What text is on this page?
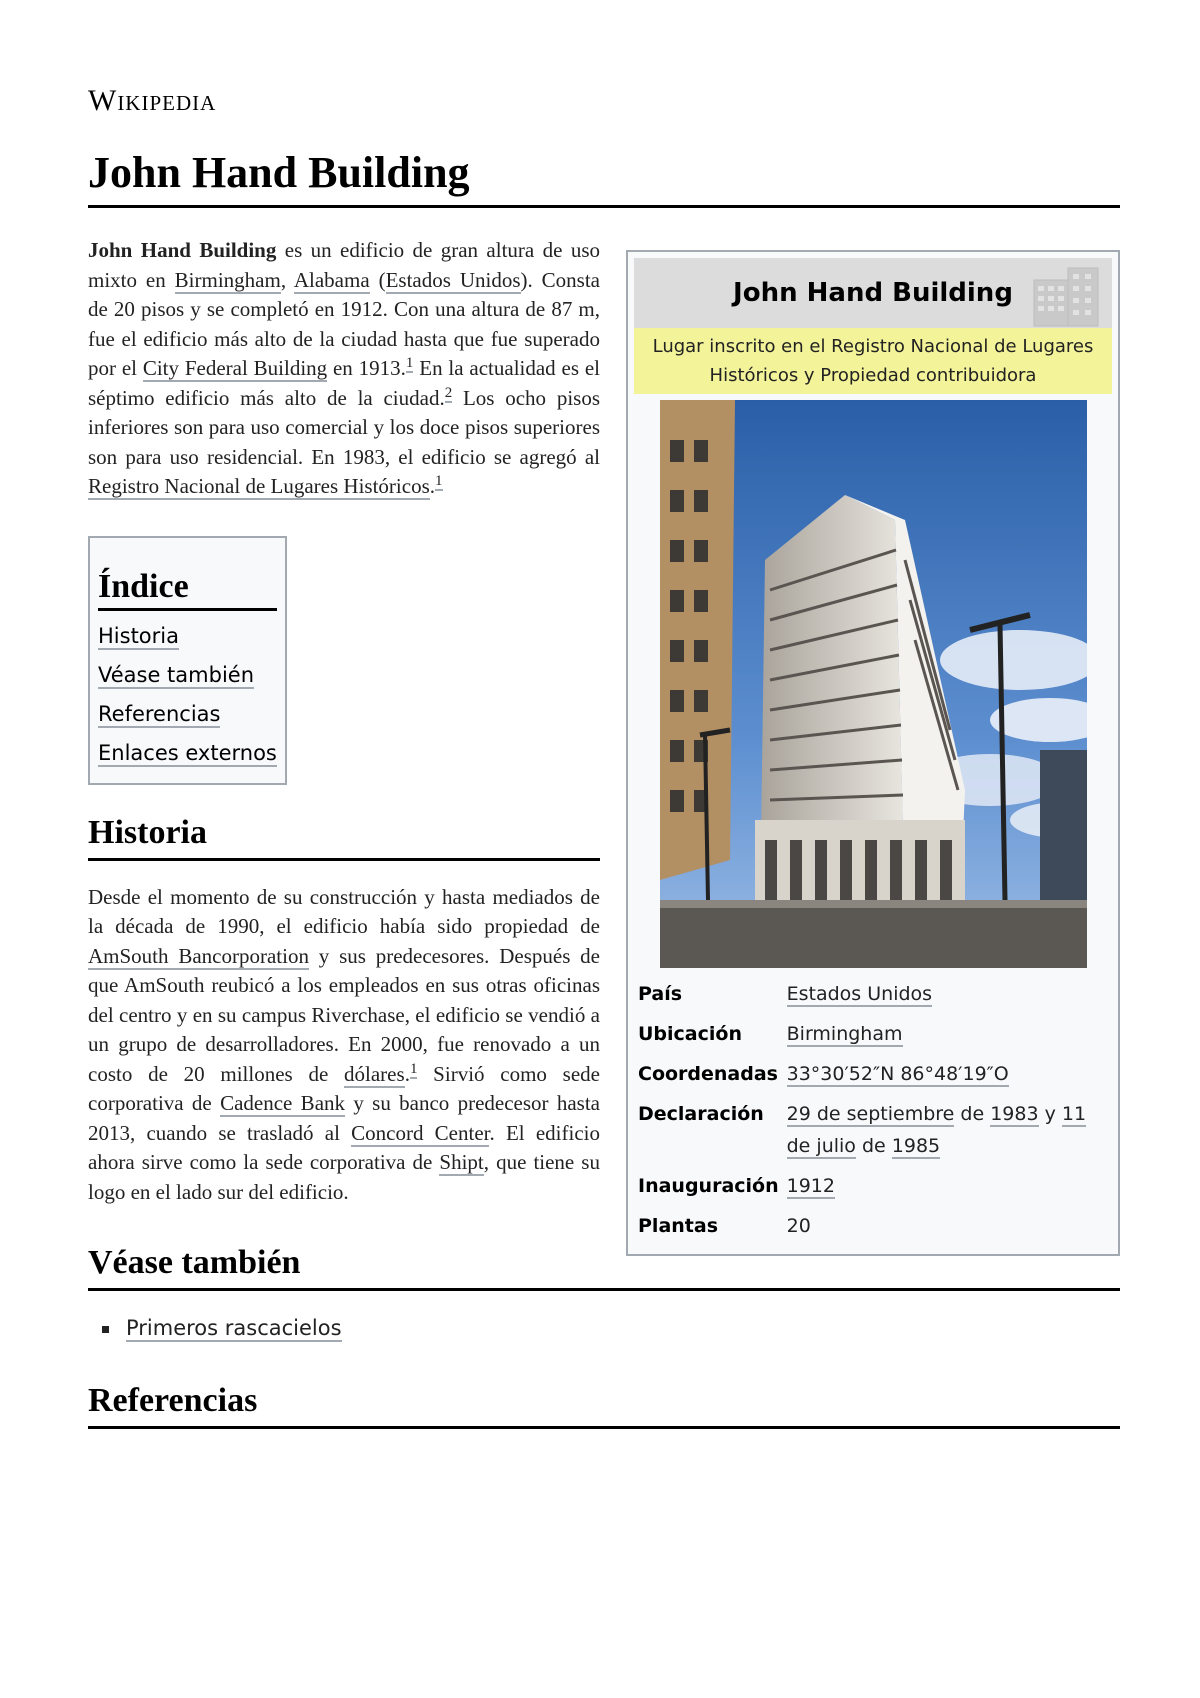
Wikipedia
John Hand Building
John Hand Building
Lugar inscrito en el Registro Nacional de Lugares Históricos y Propiedad contribuidora
País	Estados Unidos
Ubicación	Birmingham
Coordenadas	33°30′52″N 86°48′19″O
Declaración	29 de septiembre de 1983 y 11 de julio de 1985
Inauguración	1912
Plantas	20

John Hand Building es un edificio de gran altura de uso mixto en Birmingham, Alabama (Estados Unidos). Consta de 20 pisos y se completó en 1912. Con una altura de 87 m, fue el edificio más alto de la ciudad hasta que fue superado por el City Federal Building en 1913.$^1$ En la actualidad es el séptimo edificio más alto de la ciudad.$^2$ Los ocho pisos inferiores son para uso comercial y los doce pisos superiores son para uso residencial. En 1983, el edificio se agregó al Registro Nacional de Lugares Históricos.$^1$

Índice
Historia
Véase también
Referencias
Enlaces externos
Historia

Desde el momento de su construcción y hasta mediados de la década de 1990, el edificio había sido propiedad de AmSouth Bancorporation y sus predecesores. Después de que AmSouth reubicó a los empleados en sus otras oficinas del centro y en su campus Riverchase, el edificio se vendió a un grupo de desarrolladores. En 2000, fue renovado a un costo de 20 millones de dólares.$^1$ Sirvió como sede corporativa de Cadence Bank y su banco predecesor hasta 2013, cuando se trasladó al Concord Center. El edificio ahora sirve como la sede corporativa de Shipt, que tiene su logo en el lado sur del edificio.

Véase también
Primeros rascacielos
Referencias
